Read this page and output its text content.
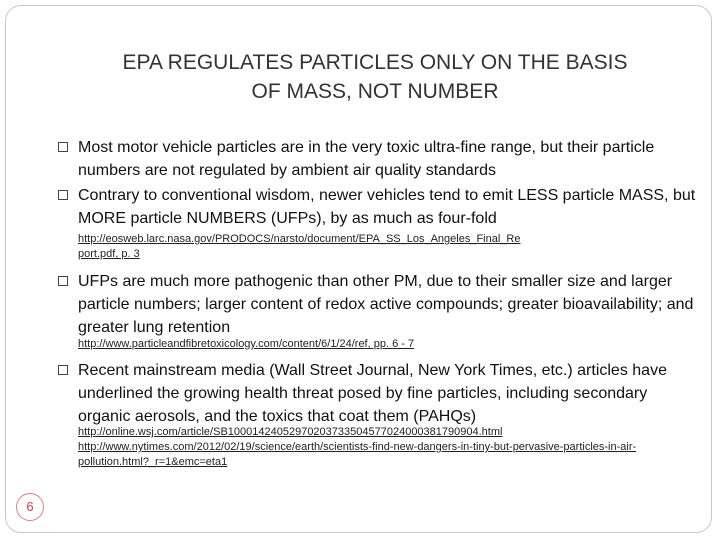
EPA REGULATES PARTICLES ONLY ON THE BASIS
OF MASS, NOT NUMBER
Most motor vehicle particles are in the very toxic ultra-fine range, but their particle numbers are not regulated by ambient air quality standards
Contrary to conventional wisdom, newer vehicles tend to emit LESS particle MASS, but MORE particle NUMBERS (UFPs), by as much as four-fold
http://eosweb.larc.nasa.gov/PRODOCS/narsto/document/EPA_SS_Los_Angeles_Final_Re
port.pdf, p. 3
UFPs are much more pathogenic than other PM, due to their smaller size and larger particle numbers; larger content of redox active compounds; greater bioavailability; and greater lung retention
http://www.particleandfibretoxicology.com/content/6/1/24/ref, pp. 6 - 7
Recent mainstream media (Wall Street Journal, New York Times, etc.) articles have underlined the growing health threat posed by fine particles, including secondary organic aerosols, and the toxics that coat them (PAHQs)
http://online.wsj.com/article/SB10001424052970203733504577024000381790904.html
http://www.nytimes.com/2012/02/19/science/earth/scientists-find-new-dangers-in-tiny-but-pervasive-particles-in-air-
pollution.html?_r=1&emc=eta1
6
